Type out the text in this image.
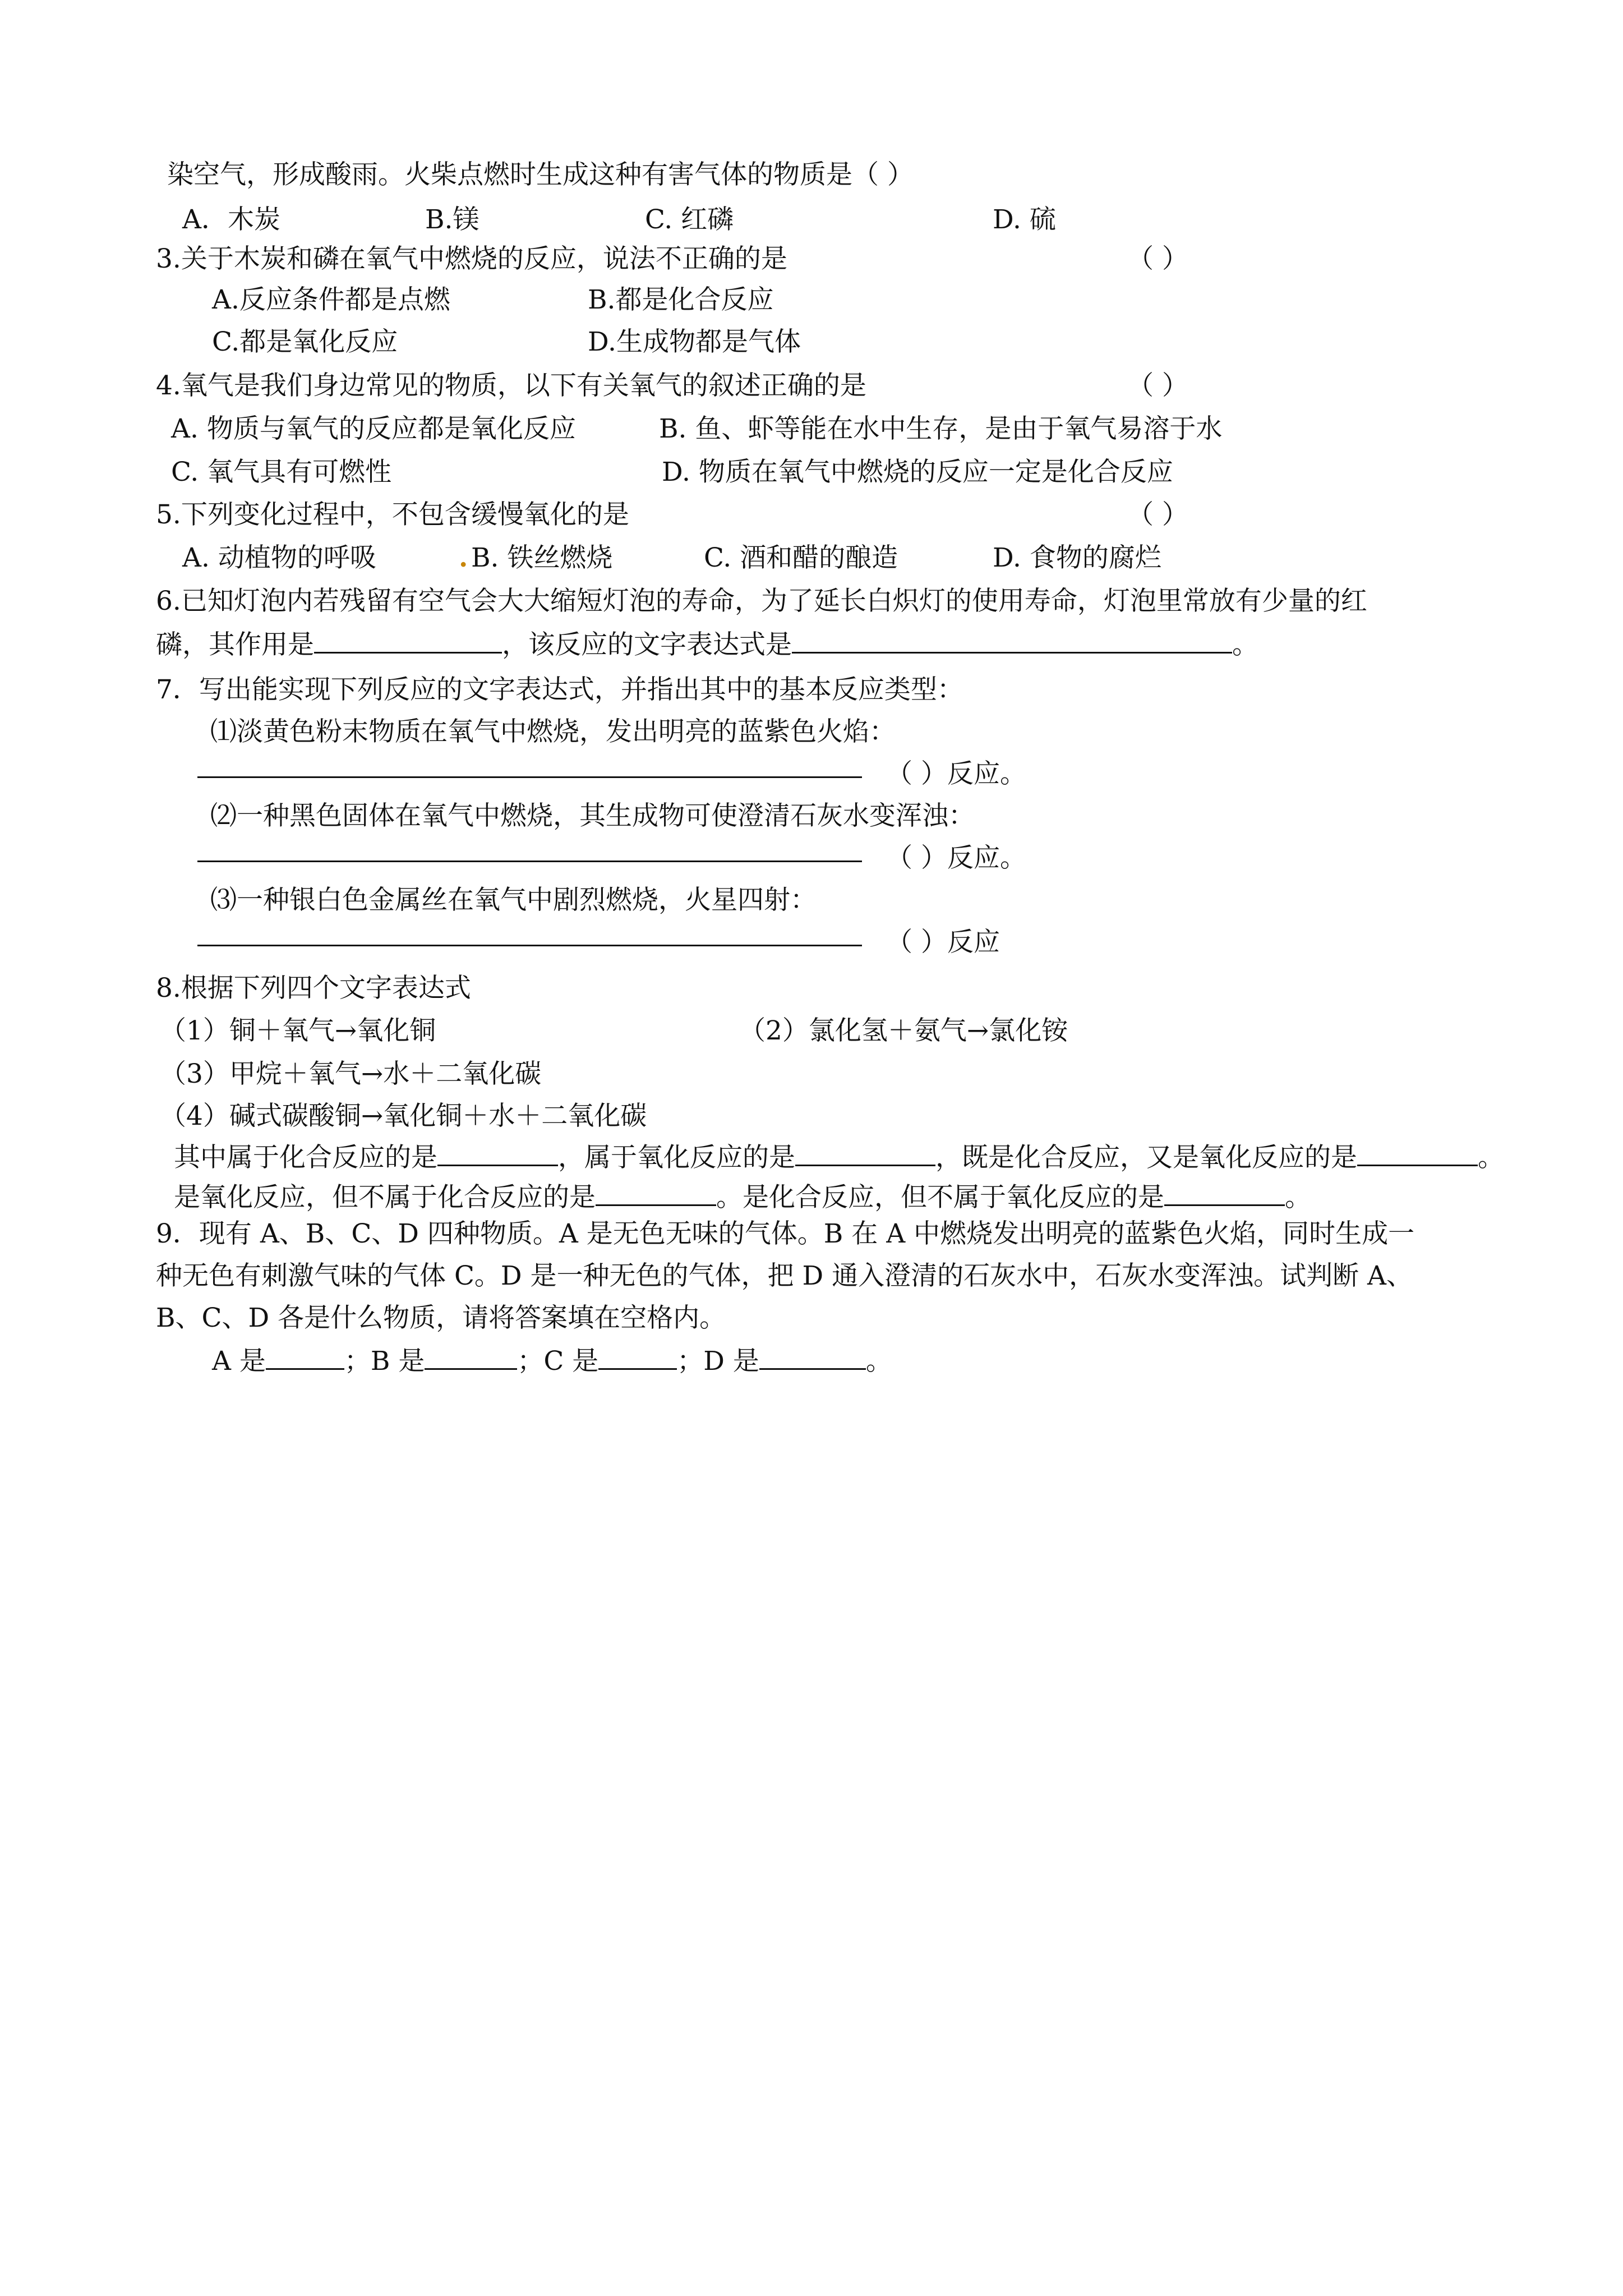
染空气，形成酸雨。火柴点燃时生成这种有害气体的物质是（ ）
A．木炭	B.镁	C. 红磷	D. 硫
3.关于木炭和磷在氧气中燃烧的反应，说法不正确的是	（ ）
A.反应条件都是点燃	B.都是化合反应
C.都是氧化反应	D.生成物都是气体
4.氧气是我们身边常见的物质，以下有关氧气的叙述正确的是	（ ）
A. 物质与氧气的反应都是氧化反应	B. 鱼、虾等能在水中生存，是由于氧气易溶于水
C. 氧气具有可燃性	D. 物质在氧气中燃烧的反应一定是化合反应
5.下列变化过程中，不包含缓慢氧化的是	（ ）
A. 动植物的呼吸	. B. 铁丝燃烧	C. 酒和醋的酿造	D. 食物的腐烂
6.已知灯泡内若残留有空气会大大缩短灯泡的寿命，为了延长白炽灯的使用寿命，灯泡里常放有少量的红
磷，其作用是	，该反应的文字表达式是	。
7．写出能实现下列反应的文字表达式，并指出其中的基本反应类型：
⑴淡黄色粉末物质在氧气中燃烧，发出明亮的蓝紫色火焰：
（ ）反应。
⑵一种黑色固体在氧气中燃烧，其生成物可使澄清石灰水变浑浊：
（ ）反应。
⑶一种银白色金属丝在氧气中剧烈燃烧，火星四射：
（ ）反应
8.根据下列四个文字表达式
（1）铜＋氧气→氧化铜	（2）氯化氢＋氨气→氯化铵
（3）甲烷＋氧气→水＋二氧化碳
（4）碱式碳酸铜→氧化铜＋水＋二氧化碳
其中属于化合反应的是	，属于氧化反应的是	，既是化合反应，又是氧化反应的是	。
是氧化反应，但不属于化合反应的是	。是化合反应，但不属于氧化反应的是	。
9．现有 A、B、C、D 四种物质。A 是无色无味的气体。B 在 A 中燃烧发出明亮的蓝紫色火焰，同时生成一
种无色有刺激气味的气体 C。D 是一种无色的气体，把 D 通入澄清的石灰水中，石灰水变浑浊。试判断 A、
B、C、D 各是什么物质，请将答案填在空格内。
A 是	；B 是	；C 是	；D 是	。
